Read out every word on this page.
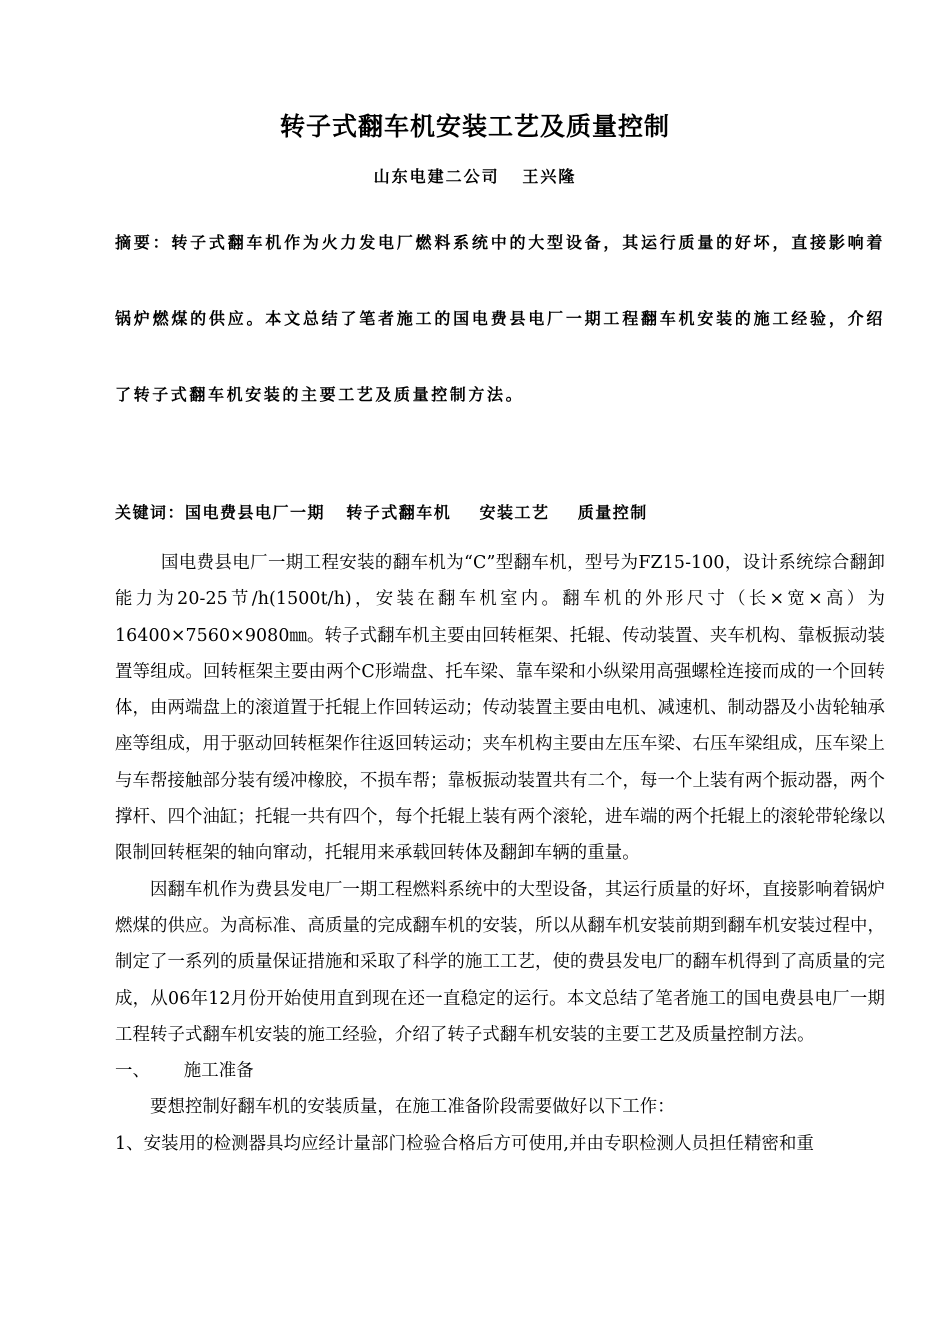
转子式翻车机安装工艺及质量控制
山东电建二公司   王兴隆
摘要：转子式翻车机作为火力发电厂燃料系统中的大型设备，其运行质量的好坏，直接影响着锅炉燃煤的供应。本文总结了笔者施工的国电费县电厂一期工程翻车机安装的施工经验，介绍了转子式翻车机安装的主要工艺及质量控制方法。
关键词：国电费县电厂一期   转子式翻车机    安装工艺    质量控制

国电费县电厂一期工程安装的翻车机为“C”型翻车机，型号为FZ15-100，设计系统综合翻卸能力为20-25节/h(1500t/h)，安装在翻车机室内。翻车机的外形尺寸（长×宽×高）为16400×7560×9080㎜。转子式翻车机主要由回转框架、托辊、传动装置、夹车机构、靠板振动装置等组成。回转框架主要由两个C形端盘、托车梁、靠车梁和小纵梁用高强螺栓连接而成的一个回转体，由两端盘上的滚道置于托辊上作回转运动；传动装置主要由电机、减速机、制动器及小齿轮轴承座等组成，用于驱动回转框架作往返回转运动；夹车机构主要由左压车梁、右压车梁组成，压车梁上与车帮接触部分装有缓冲橡胶，不损车帮；靠板振动装置共有二个，每一个上装有两个振动器，两个撑杆、四个油缸；托辊一共有四个，每个托辊上装有两个滚轮，进车端的两个托辊上的滚轮带轮缘以限制回转框架的轴向窜动，托辊用来承载回转体及翻卸车辆的重量。

因翻车机作为费县发电厂一期工程燃料系统中的大型设备，其运行质量的好坏，直接影响着锅炉燃煤的供应。为高标准、高质量的完成翻车机的安装，所以从翻车机安装前期到翻车机安装过程中，制定了一系列的质量保证措施和采取了科学的施工工艺，使的费县发电厂的翻车机得到了高质量的完成，从06年12月份开始使用直到现在还一直稳定的运行。本文总结了笔者施工的国电费县电厂一期工程转子式翻车机安装的施工经验，介绍了转子式翻车机安装的主要工艺及质量控制方法。

一、      施工准备

要想控制好翻车机的安装质量，在施工准备阶段需要做好以下工作：

1、安装用的检测器具均应经计量部门检验合格后方可使用,并由专职检测人员担任精密和重
